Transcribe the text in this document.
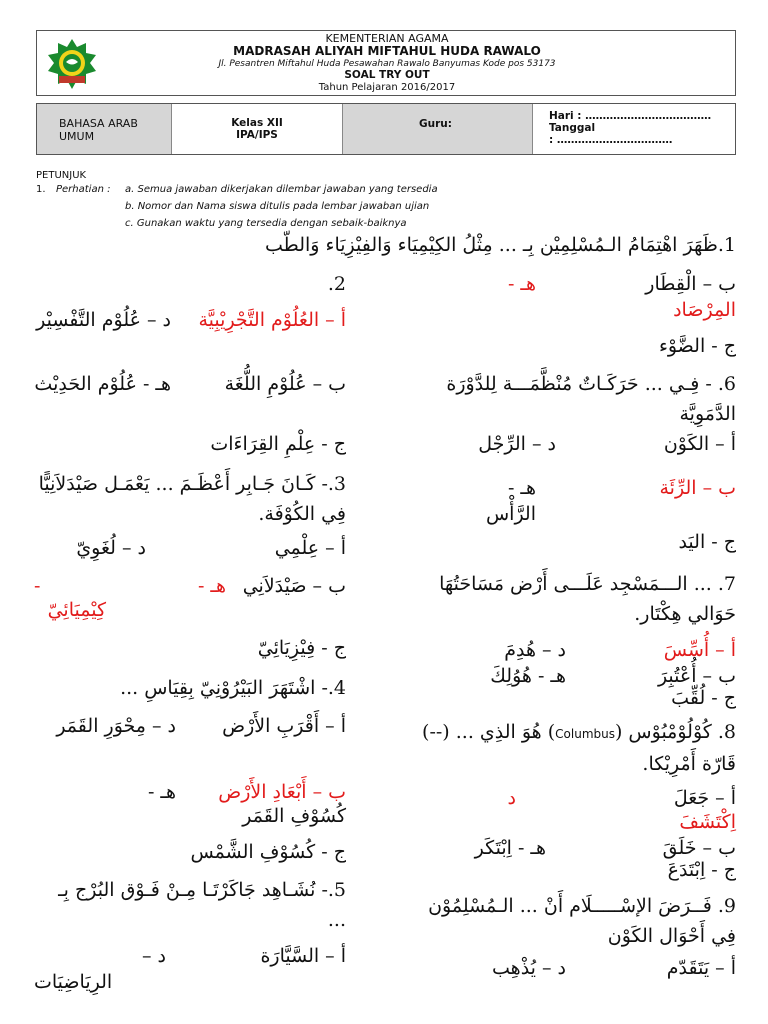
KEMENTERIAN AGAMA
MADRASAH ALIYAH MIFTAHUL HUDA RAWALO
Jl. Pesantren Miftahul Huda Pesawahan Rawalo Banyumas Kode pos 53173
SOAL TRY OUT
Tahun Pelajaran 2016/2017
BAHASA ARAB UMUM
Kelas XII
IPA/IPS
Guru:
Hari : ………………………………
Tanggal
: ……………………………
PETUNJUK
1. Perhatian : a. Semua jawaban dikerjakan dilembar jawaban yang tersedia
b. Nomor dan Nama siswa ditulis pada lembar jawaban ujian
c. Gunakan waktu yang tersedia dengan sebaik-baiknya
1.ظَهَرَ اهْتِمَامُ الـمُسْلِمِيْن بِـ ... مِثْلُ الكِيْمِيَاء وَالفِيْزِيَاء وَالطّب
ب – الْقِطَار
هـ -
المِرْصَاد
ج - الضَّوْء
6. - فِـي ... حَرَكَـاتٌ مُنْظَّمَـــة لِلدَّوْرَة الدَّمَوِيَّة
أ – الكَوْن
د – الرِّجْل
ب – الرِّئَة
هـ -
الرَّأْس
ج - اليَد
7. ... الـــمَسْجِد عَلَـــى أَرْض مَسَاحَتُهَا حَوَالي هِكْتَار.
أ – أُسِّسَ
د – هُدِمَ
ب – أُعْتُبِرَ
هـ - هُوُلِكَ
ج - لُقِّبَ
8. كُوْلُوْمْبُوْس (Columbus) هُوَ الذِي ... (--) قَارّة أَمْرِيْكا.
أ – جَعَلَ
د
اِكْتَشَفَ
ب – خَلَقَ
هـ - اِبْتَكَر
ج - اِبْتَدَعَ
9. فَــرَضَ الإسْـــــلَام أَنْ ... الـمُسْلِمُوْن فِي أَحْوَال الكَوْن
أ – يَتَقَدّم
د – يُذْهِب
2.
أ – العُلُوْم التَّجْرِيْبِيَّة
د – عُلُوْم التَّفْسِيْر
ب – عُلُوْمِ اللُّغَة
هـ - عُلُوْم الحَدِيْث
ج - عِلْمِ القِرَاءَات
3.- كَـانَ جَـابِر أَعْظَـمَ ... يَعْمَـل صَيْدَلاَنِيًّا فِي الكُوْفَة.
أ – عِلْمِي
د – لُغَوِيّ
ب – صَيْدَلاَنِي
هـ -
-
كِيْمِيَائِيّ
ج - فِيْزِيَائِيّ
4.- اشْتَهَرَ البَيْرُوْنِيّ بِقِيَاسِ ...
أ – أَقْرَبِ الأَرْض
د – مِحْوَرِ القَمَر
ب – أَبْعَادِ الأَرْض
هـ -
كُسُوْفِ القَمَر
ج - كُسُوْفِ الشَّمْس
5.- نُشَـاهِد جَاكَرْتَـا مِـنْ فَـوْق البُرْج بِـ ...
أ – السَّيَّارَة
د –
الرِيَاضِيَات
